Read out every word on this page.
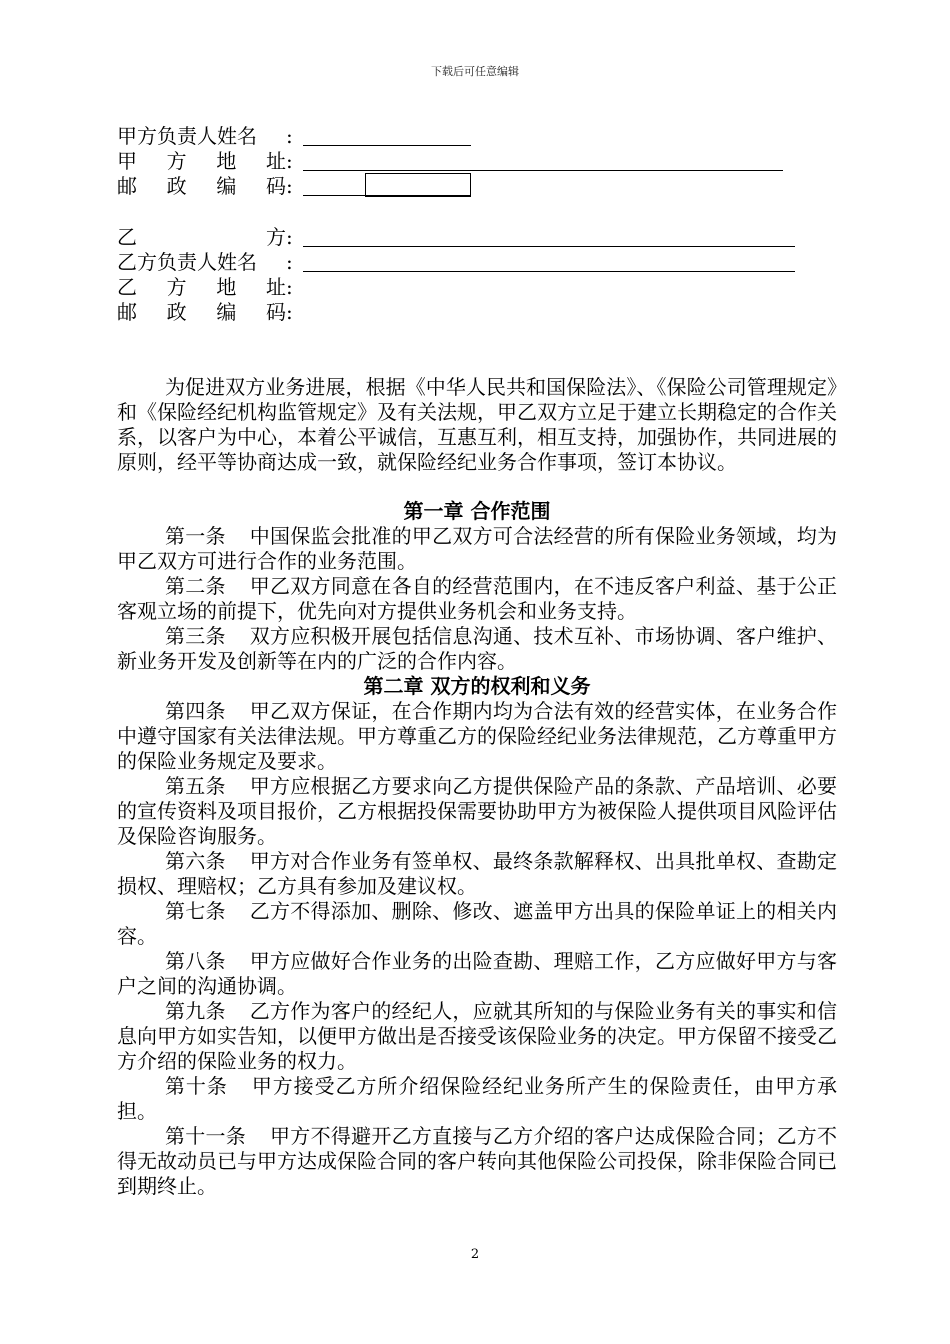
下载后可任意编辑
甲方负责人姓名	:
甲 方 地 址 :
邮 政 编 码 :
乙	方 :
乙方负责人姓名	:
乙 方 地 址 :
邮 政 编 码 :

为促进双方业务进展，根据《中华人民共和国保险法》、《保险公司管理规定》和《保险经纪机构监管规定》及有关法规，甲乙双方立足于建立长期稳定的合作关系，以客户为中心，本着公平诚信，互惠互利，相互支持，加强协作，共同进展的原则，经平等协商达成一致，就保险经纪业务合作事项，签订本协议。

第一章 合作范围

第一条 中国保监会批准的甲乙双方可合法经营的所有保险业务领域，均为甲乙双方可进行合作的业务范围。

第二条 甲乙双方同意在各自的经营范围内，在不违反客户利益、基于公正客观立场的前提下，优先向对方提供业务机会和业务支持。

第三条 双方应积极开展包括信息沟通、技术互补、市场协调、客户维护、新业务开发及创新等在内的广泛的合作内容。

第二章 双方的权利和义务

第四条 甲乙双方保证，在合作期内均为合法有效的经营实体，在业务合作中遵守国家有关法律法规。甲方尊重乙方的保险经纪业务法律规范，乙方尊重甲方的保险业务规定及要求。

第五条 甲方应根据乙方要求向乙方提供保险产品的条款、产品培训、必要的宣传资料及项目报价，乙方根据投保需要协助甲方为被保险人提供项目风险评估及保险咨询服务。

第六条 甲方对合作业务有签单权、最终条款解释权、出具批单权、查勘定损权、理赔权；乙方具有参加及建议权。

第七条 乙方不得添加、删除、修改、遮盖甲方出具的保险单证上的相关内容。

第八条 甲方应做好合作业务的出险查勘、理赔工作，乙方应做好甲方与客户之间的沟通协调。

第九条 乙方作为客户的经纪人，应就其所知的与保险业务有关的事实和信息向甲方如实告知，以便甲方做出是否接受该保险业务的决定。甲方保留不接受乙方介绍的保险业务的权力。

第十条 甲方接受乙方所介绍保险经纪业务所产生的保险责任，由甲方承担。

第十一条 甲方不得避开乙方直接与乙方介绍的客户达成保险合同；乙方不得无故动员已与甲方达成保险合同的客户转向其他保险公司投保，除非保险合同已到期终止。

2
